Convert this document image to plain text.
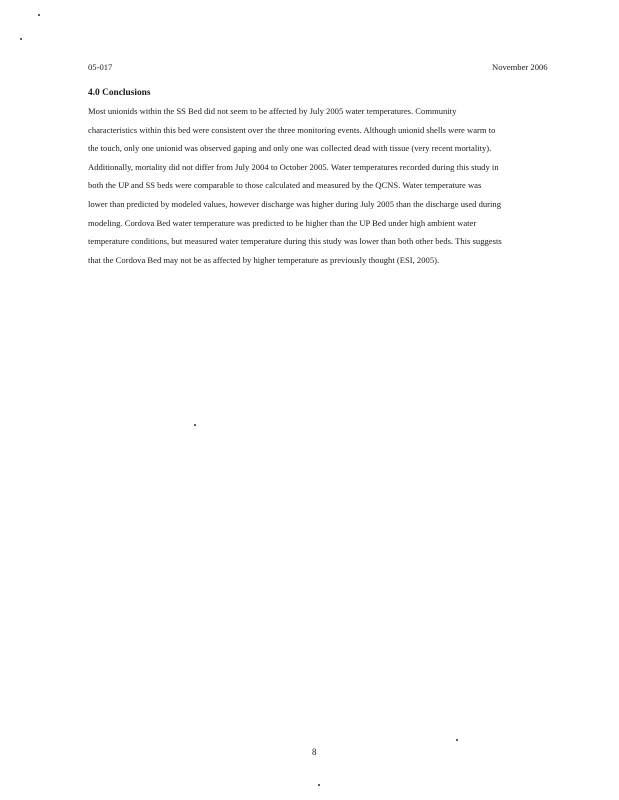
05-017	November 2006
4.0 Conclusions
Most unionids within the SS Bed did not seem to be affected by July 2005 water temperatures. Community
characteristics within this bed were consistent over the three monitoring events. Although unionid shells were warm to
the touch, only one unionid was observed gaping and only one was collected dead with tissue (very recent mortality).
Additionally, mortality did not differ from July 2004 to October 2005. Water temperatures recorded during this study in
both the UP and SS beds were comparable to those calculated and measured by the QCNS. Water temperature was
lower than predicted by modeled values, however discharge was higher during July 2005 than the discharge used during
modeling. Cordova Bed water temperature was predicted to be higher than the UP Bed under high ambient water
temperature conditions, but measured water temperature during this study was lower than both other beds. This suggests
that the Cordova Bed may not be as affected by higher temperature as previously thought (ESI, 2005).
8
